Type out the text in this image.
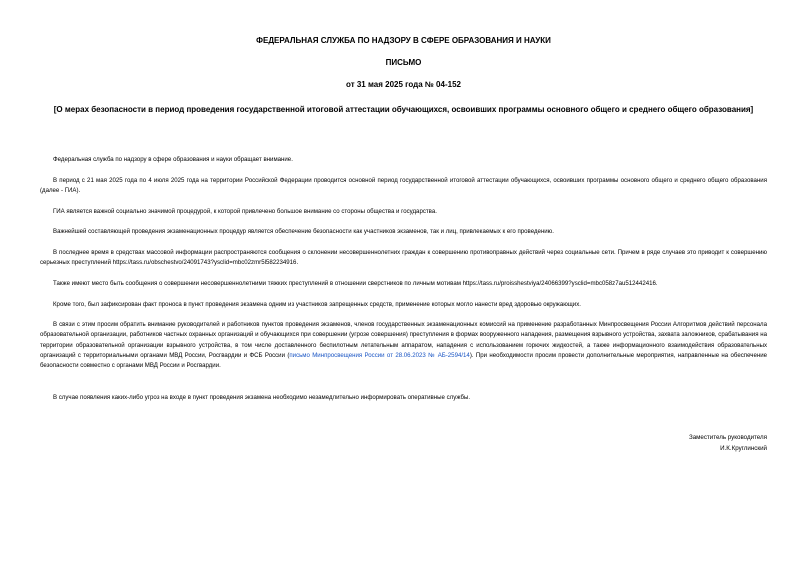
ФЕДЕРАЛЬНАЯ СЛУЖБА ПО НАДЗОРУ В СФЕРЕ ОБРАЗОВАНИЯ И НАУКИ
ПИСЬМО
от 31 мая 2025 года № 04-152
[О мерах безопасности в период проведения государственной итоговой аттестации обучающихся, освоивших программы основного общего и среднего общего образования]

Федеральная служба по надзору в сфере образования и науки обращает внимание.

В период с 21 мая 2025 года по 4 июля 2025 года на территории Российской Федерации проводится основной период государственной итоговой аттестации обучающихся, освоивших программы основного общего и среднего общего образования (далее - ГИА).

ГИА является важной социально значимой процедурой, к которой привлечено большое внимание со стороны общества и государства.

Важнейшей составляющей проведения экзаменационных процедур является обеспечение безопасности как участников экзаменов, так и лиц, привлекаемых к его проведению.

В последнее время в средствах массовой информации распространяются сообщения о склонении несовершеннолетних граждан к совершению противоправных действий через социальные сети. Причем в ряде случаев это приводит к совершению серьезных преступлений https://tass.ru/obschestvo/24091743?ysclid=mbc02zmr5l582234916.

Также имеют место быть сообщения о совершении несовершеннолетними тяжких преступлений в отношении сверстников по личным мотивам https://tass.ru/proisshestviya/24066399?ysclid=mbc058z7au512442416.

Кроме того, был зафиксирован факт проноса в пункт проведения экзамена одним из участников запрещенных средств, применение которых могло нанести вред здоровью окружающих.

В связи с этим просим обратить внимание руководителей и работников пунктов проведения экзаменов, членов государственных экзаменационных комиссий на применение разработанных Минпросвещения России Алгоритмов действий персонала образовательной организации, работников частных охранных организаций и обучающихся при совершении (угрозе совершения) преступления в формах вооруженного нападения, размещения взрывного устройства, захвата заложников, срабатывания на территории образовательной организации взрывного устройства, в том числе доставленного беспилотным летательным аппаратом, нападения с использованием горючих жидкостей, а также информационного взаимодействия образовательных организаций с территориальными органами МВД России, Росгвардии и ФСБ России (письмо Минпросвещения России от 28.06.2023 № АБ-2594/14). При необходимости просим провести дополнительные мероприятия, направленные на обеспечение безопасности совместно с органами МВД России и Росгвардии.

В случае появления каких-либо угроз на входе в пункт проведения экзамена необходимо незамедлительно информировать оперативные службы.

Заместитель руководителя
И.К.Круглинский
